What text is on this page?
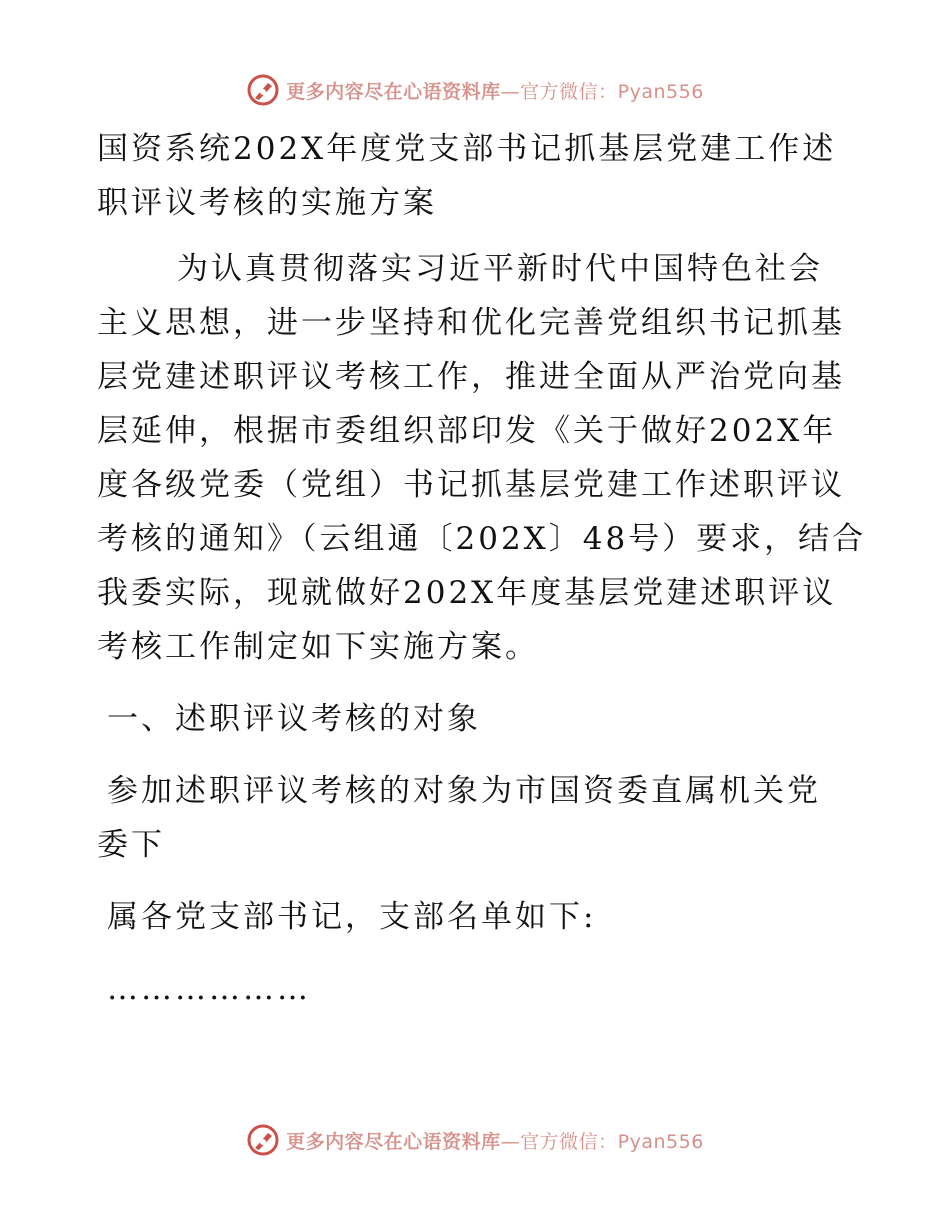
更多内容尽在心语资料库—官方微信：Pyan556
国资系统202X年度党支部书记抓基层党建工作述
职评议考核的实施方案
为认真贯彻落实习近平新时代中国特色社会
主义思想，进一步坚持和优化完善党组织书记抓基
层党建述职评议考核工作，推进全面从严治党向基
层延伸，根据市委组织部印发《关于做好202X年
度各级党委（党组）书记抓基层党建工作述职评议
考核的通知》（云组通〔202X〕48号）要求，结合
我委实际，现就做好202X年度基层党建述职评议
考核工作制定如下实施方案。
一、述职评议考核的对象
参加述职评议考核的对象为市国资委直属机关党
委下
属各党支部书记，支部名单如下:
………………
更多内容尽在心语资料库—官方微信：Pyan556
